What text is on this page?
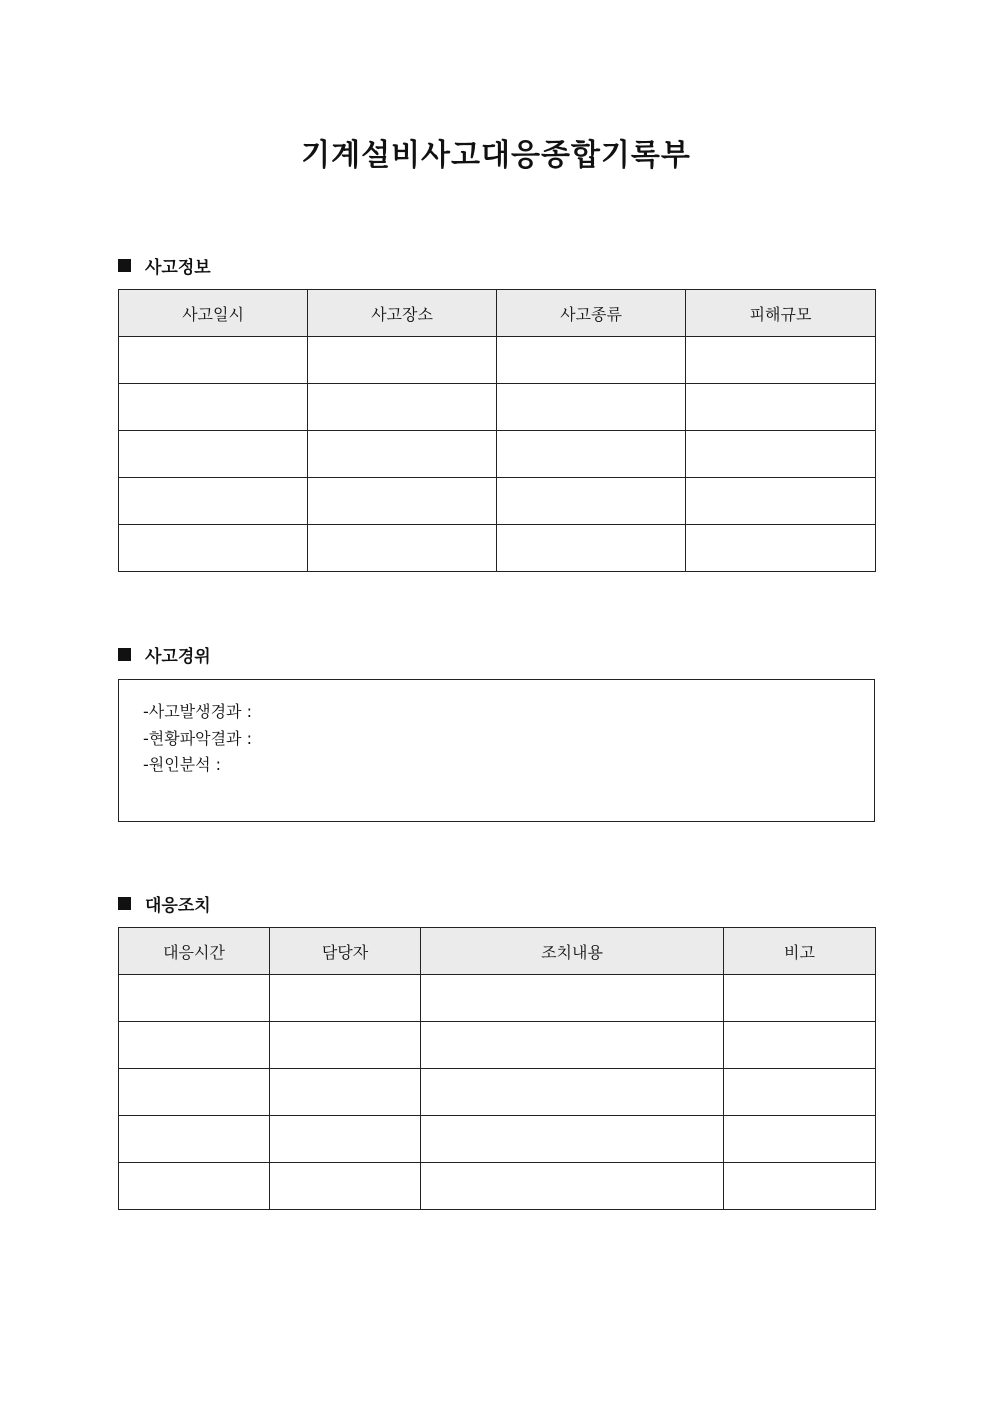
기계설비사고대응종합기록부
사고정보
사고일시	사고장소	사고종류	피해규모

사고경위
-사고발생경과 :
-현황파악결과 :
-원인분석 :
대응조치
대응시간	담당자	조치내용	비고
